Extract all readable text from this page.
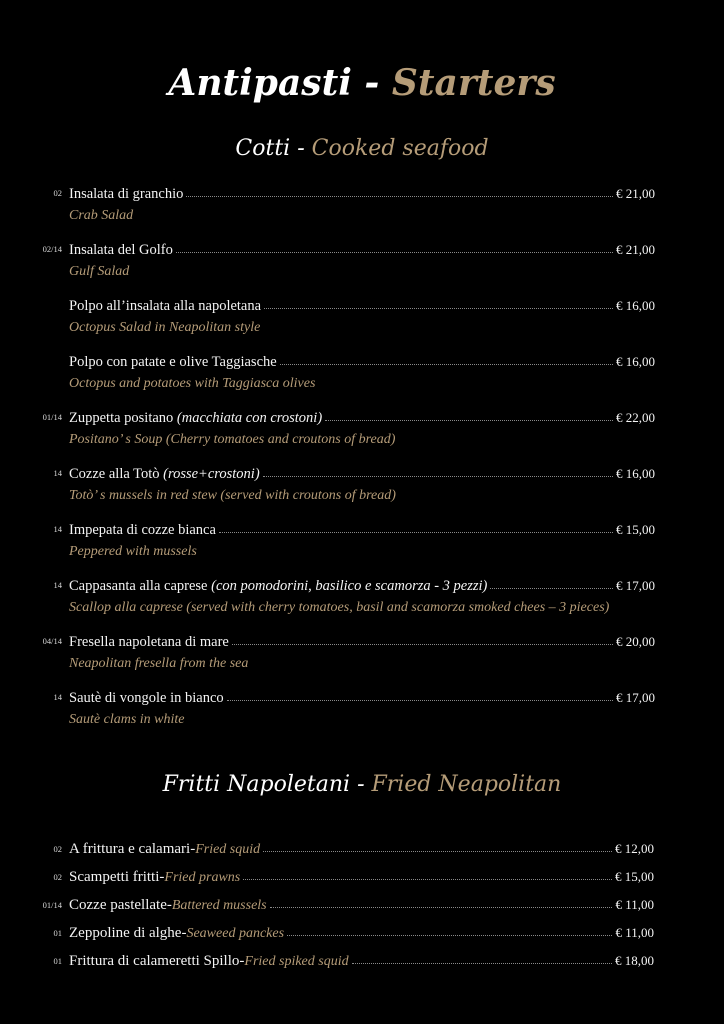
Antipasti - Starters
Cotti - Cooked seafood
02 Insalata di granchio	€ 21,00
Crab Salad
02/14 Insalata del Golfo	€ 21,00
Gulf Salad
Polpo all’insalata alla napoletana	€ 16,00
Octopus Salad in Neapolitan style
Polpo con patate e olive Taggiasche	€ 16,00
Octopus and potatoes with Taggiasca olives
01/14 Zuppetta positano (macchiata con crostoni)	€ 22,00
Positano’ s Soup (Cherry tomatoes and croutons of bread)
14 Cozze alla Totò (rosse+crostoni)	€ 16,00
Totò’ s mussels in red stew (served with croutons of bread)
14 Impepata di cozze bianca	€ 15,00
Peppered with mussels
14 Cappasanta alla caprese (con pomodorini, basilico e scamorza - 3 pezzi)	€ 17,00
Scallop alla caprese (served with cherry tomatoes, basil and scamorza smoked chees – 3 pieces)
04/14 Fresella napoletana di mare	€ 20,00
Neapolitan fresella from the sea
14 Sautè di vongole in bianco	€ 17,00
Sautè clams in white
Fritti Napoletani - Fried Neapolitan
02 A frittura e calamari - Fried squid	€ 12,00
02 Scampetti fritti - Fried prawns	€ 15,00
01/14 Cozze pastellate - Battered mussels	€ 11,00
01 Zeppoline di alghe - Seaweed panckes	€ 11,00
01 Frittura di calameretti Spillo - Fried spiked squid	€ 18,00
